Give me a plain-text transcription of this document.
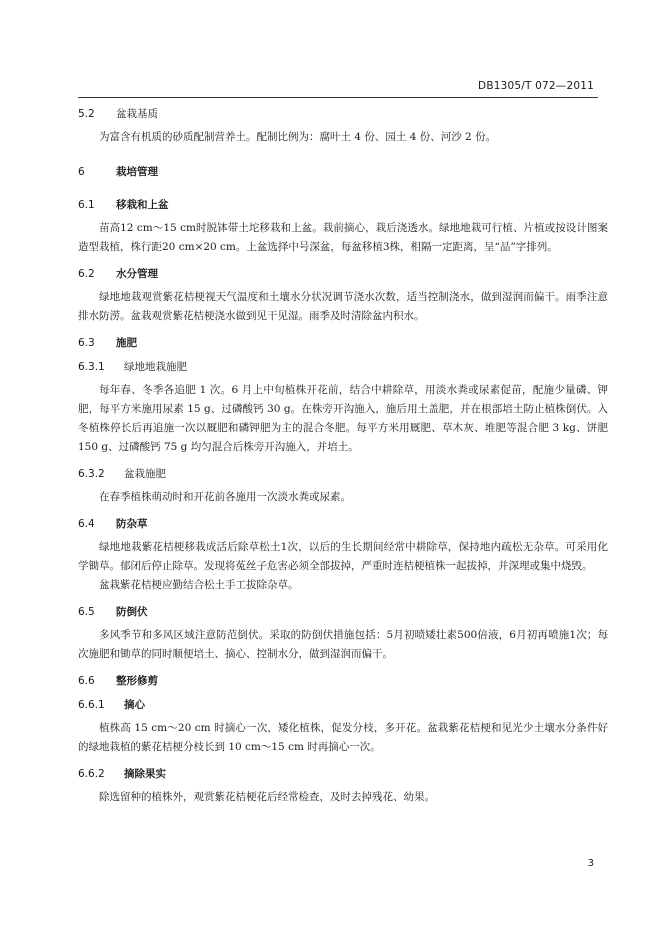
DB1305/T 072—2011
5.2 盆栽基质

为富含有机质的砂质配制营养土。配制比例为：腐叶土 4 份、园土 4 份、河沙 2 份。

6	栽培管理
6.1 移栽和上盆

苗高12 cm～15 cm时脱钵带土坨移栽和上盆。栽前摘心，栽后浇透水。绿地地栽可行植、片植或按设计图案造型栽植，株行距20 cm×20 cm。上盆选择中号深盆，每盆移植3株，相隔一定距离，呈“品”字排列。

6.2 水分管理

绿地地栽观赏紫花桔梗视天气温度和土壤水分状况调节浇水次数，适当控制浇水，做到湿润而偏干。雨季注意排水防涝。盆栽观赏紫花桔梗浇水做到见干见湿。雨季及时清除盆内积水。

6.3 施肥
6.3.1 绿地地栽施肥

每年春、冬季各追肥 1 次。6 月上中旬植株开花前，结合中耕除草，用淡水粪或尿素促苗，配施少量磷、钾肥，每平方米施用尿素 15 g、过磷酸钙 30 g。在株旁开沟施入，施后用土盖肥，并在根部培土防止植株倒伏。入冬植株停长后再追施一次以厩肥和磷钾肥为主的混合冬肥。每平方米用厩肥、草木灰、堆肥等混合肥 3 kg、饼肥 150 g、过磷酸钙 75 g 均匀混合后株旁开沟施入，并培土。

6.3.2 盆栽施肥

在春季植株萌动时和开花前各施用一次淡水粪或尿素。

6.4 防杂草

绿地地栽紫花桔梗移栽成活后除草松土1次，以后的生长期间经常中耕除草，保持地内疏松无杂草。可采用化学锄草。郁闭后停止除草。发现将菟丝子危害必须全部拔掉，严重时连桔梗植株一起拔掉，并深埋或集中烧毁。

盆栽紫花桔梗应勤结合松土手工拔除杂草。

6.5 防倒伏

多风季节和多风区域注意防范倒伏。采取的防倒伏措施包括：5月初喷矮壮素500倍液，6月初再喷施1次；每次施肥和锄草的同时顺便培土、摘心、控制水分，做到湿润而偏干。

6.6 整形修剪
6.6.1 摘心

植株高 15 cm～20 cm 时摘心一次，矮化植株，促发分枝，多开花。盆栽紫花桔梗和见光少土壤水分条件好的绿地栽植的紫花桔梗分枝长到 10 cm～15 cm 时再摘心一次。

6.6.2 摘除果实

除选留种的植株外，观赏紫花桔梗花后经常检查，及时去掉残花、幼果。

3
